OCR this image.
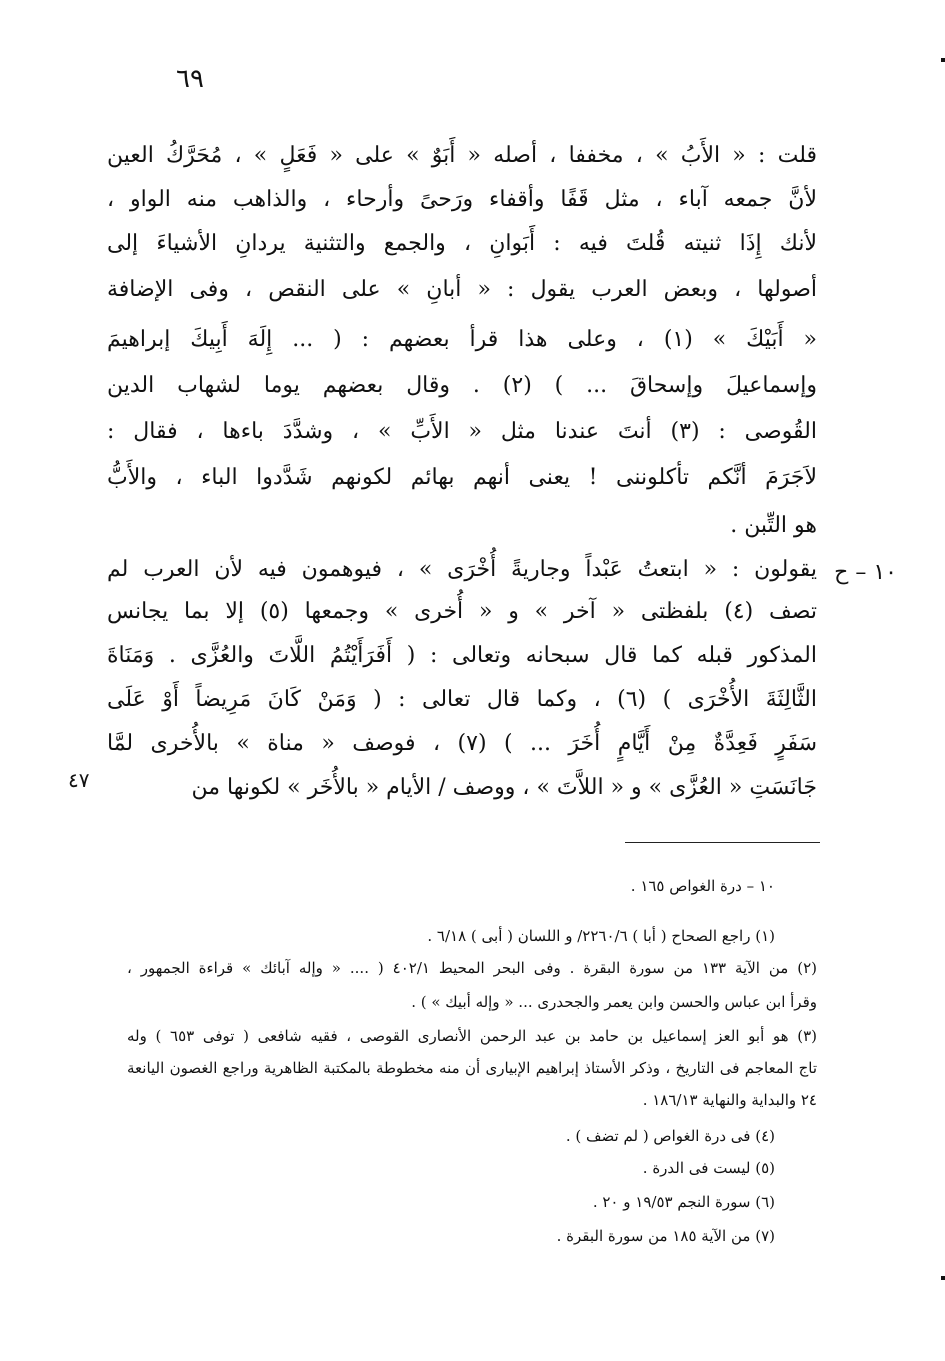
٦٩
قلت : « الأَبُ » ، مخففا ، أصله « أَبَوٌ » على « فَعَلٍ » ، مُحَرَّكُ العين
لأنَّ جمعه آباء ، مثل قَفًا وأقفاء ورَحىً وأرحاء ، والذاهب منه الواو ،
لأنك إِذَا ثنيته قُلتَ فيه : أَبَوانِ ، والجمع والتثنية يردانِ الأشياءَ إلى
أصولها ، وبعض العرب يقول : « أبانِ » على النقص ، وفى الإضافة
« أَبَيْكَ » (١) ، وعلى هذا قرأ بعضهم : ( ... إِلَهَ أَبِيكَ إبراهيمَ
وإسماعيلَ وإسحاقَ ... ) (٢) . وقال بعضهم يوما لشهاب الدين
القُوصى : (٣) أنتَ عندنا مثل « الأَبِّ » ، وشدَّدَ باءها ، فقال :
لاَجَرَمَ أنَّكم تأكلوننى ! يعنى أنهم بهائم لكونهم شَدَّدوا الباء ، والأَبُّ
هو التِّبن .
١٠ – ح
يقولون : « ابتعتُ عَبْداً وجاريةً أُخْرَى » ، فيوهمون فيه لأن العرب لم
تصف (٤) بلفظتى « آخر » و « أُخرى » وجمعها (٥) إلا بما يجانس
المذكور قبله كما قال سبحانه وتعالى : ( أَفَرَأَيْتُمُ اللَّاتَ والعُزَّى . وَمَنَاةَ
الثَّالِثَةَ الأُخْرَى ) (٦) ، وكما قال تعالى : ( وَمَنْ كَانَ مَرِيضاً أَوْ عَلَى
سَفَرٍ فَعِدَّةٌ مِنْ أَيَّامٍ أُخَرَ ... ) (٧) ، فوصف « مناة » بالأُخرى لمَّا
جَانَسَتِ « العُزَّى » و « اللاَّتَ » ، ووصف / الأيام « بالأُخَر » لكونها من
٤٧
١٠ – درة الغواص ١٦٥ .
(١) راجع الصحاح ( أبا ) ٢٢٦٠/٦/ و اللسان ( أبى ) ٦/١٨ .
(٢) من الآية ١٣٣ من سورة البقرة . وفى البحر المحيط ٤٠٢/١ ( .... « وإله آبائك » قراءة الجمهور ،
وقرأ ابن عباس والحسن وابن يعمر والجحدرى ... « وإله أبيك » ) .
(٣) هو أبو العز إسماعيل بن حامد بن عبد الرحمن الأنصارى القوصى ، فقيه شافعى ( توفى ٦٥٣ ) وله
تاج المعاجم فى التاريخ ، وذكر الأستاذ إبراهيم الإبيارى أن منه مخطوطة بالمكتبة الظاهرية وراجع الغصون اليانعة
٢٤ والبداية والنهاية ١٨٦/١٣ .
(٤) فى درة الغواص ( لم تضف ) .
(٥) ليست فى الدرة .
(٦) سورة النجم ١٩/٥٣ و ٢٠ .
(٧) من الآية ١٨٥ من سورة البقرة .
